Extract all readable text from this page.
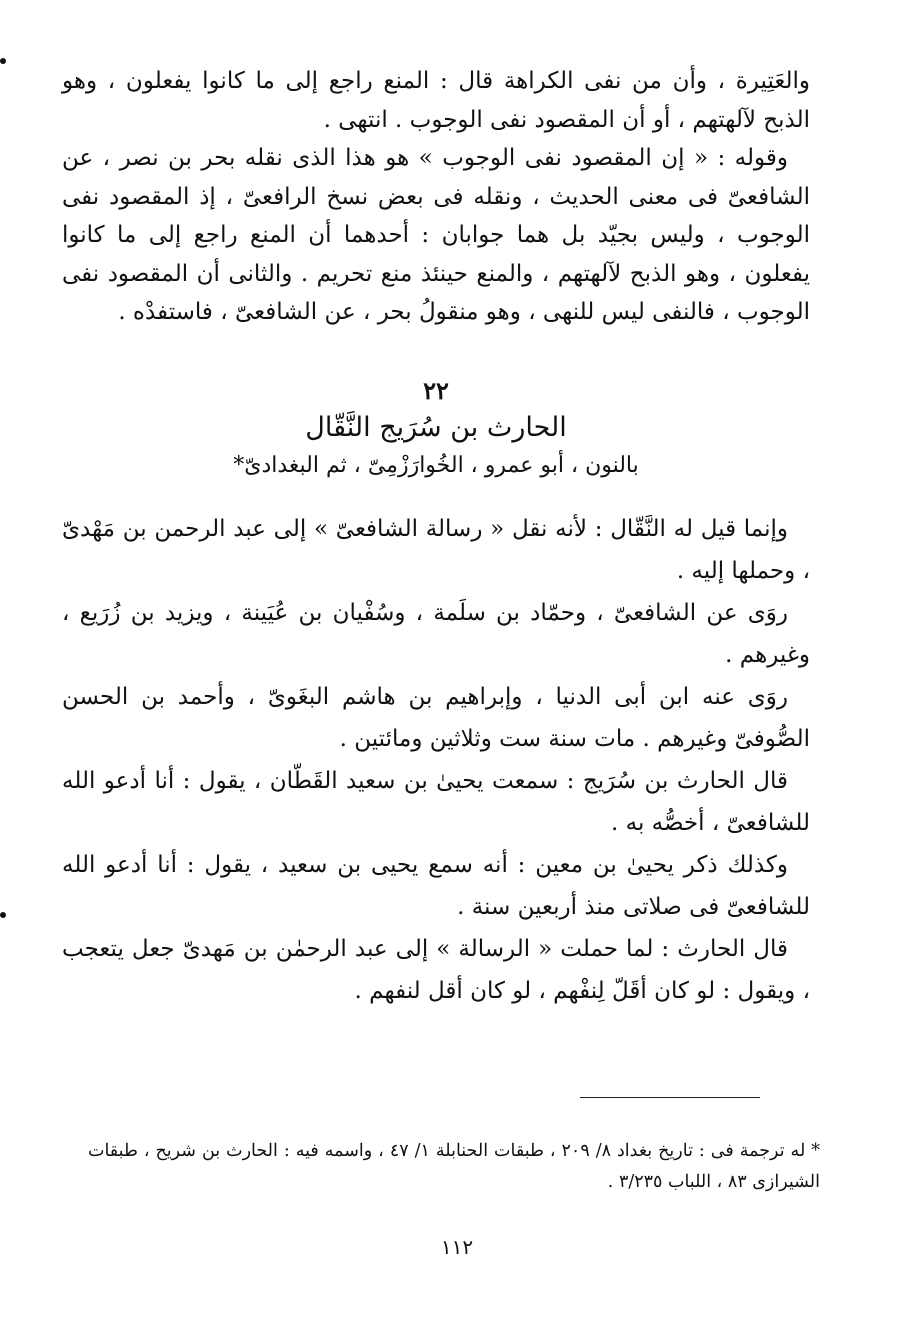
والعَتِيرة ، وأن من نفى الكراهة قال : المنع راجع إلى ما كانوا يفعلون ، وهو الذبح لآلهتهم ، أو أن المقصود نفى الوجوب . انتهى .

وقوله : « إن المقصود نفى الوجوب » هو هذا الذى نقله بحر بن نصر ، عن الشافعىّ فى معنى الحديث ، ونقله فى بعض نسخ الرافعىّ ، إذ المقصود نفى الوجوب ، وليس بجيّد بل هما جوابان : أحدهما أن المنع راجع إلى ما كانوا يفعلون ، وهو الذبح لآلهتهم ، والمنع حينئذ منع تحريم . والثانى أن المقصود نفى الوجوب ، فالنفى ليس للنهى ، وهو منقولُ بحر ، عن الشافعىّ ، فاستفدْه .

٢٢
الحارث بن سُرَيج النَّقّال
بالنون ، أبو عمرو ، الخُوارَزْمِىّ ، ثم البغدادىّ*

وإنما قيل له النَّقّال : لأنه نقل « رسالة الشافعىّ » إلى عبد الرحمن بن مَهْدىّ ، وحملها إليه .

روَى عن الشافعىّ ، وحمّاد بن سلَمة ، وسُفْيان بن عُيَينة ، ويزيد بن زُرَيع ، وغيرهم .

روَى عنه ابن أبى الدنيا ، وإبراهيم بن هاشم البغَوىّ ، وأحمد بن الحسن الصُّوفىّ وغيرهم . مات سنة ست وثلاثين ومائتين .

قال الحارث بن سُرَيج : سمعت يحيىٰ بن سعيد القَطّان ، يقول : أنا أدعو الله للشافعىّ ، أخصُّه به .

وكذلك ذكر يحيىٰ بن معين : أنه سمع يحيى بن سعيد ، يقول : أنا أدعو الله للشافعىّ فى صلاتى منذ أربعين سنة .

قال الحارث : لما حملت « الرسالة » إلى عبد الرحمٰن بن مَهدىّ جعل يتعجب ، ويقول : لو كان أقَلّ لِنفْهم ، لو كان أقل لنفهم .

* له ترجمة فى : تاريخ بغداد ٨/ ٢٠٩ ، طبقات الحنابلة ١/ ٤٧ ، واسمه فيه : الحارث بن شريح ، طبقات الشيرازى ٨٣ ، اللباب ٣/٢٣٥ .
١١٢
